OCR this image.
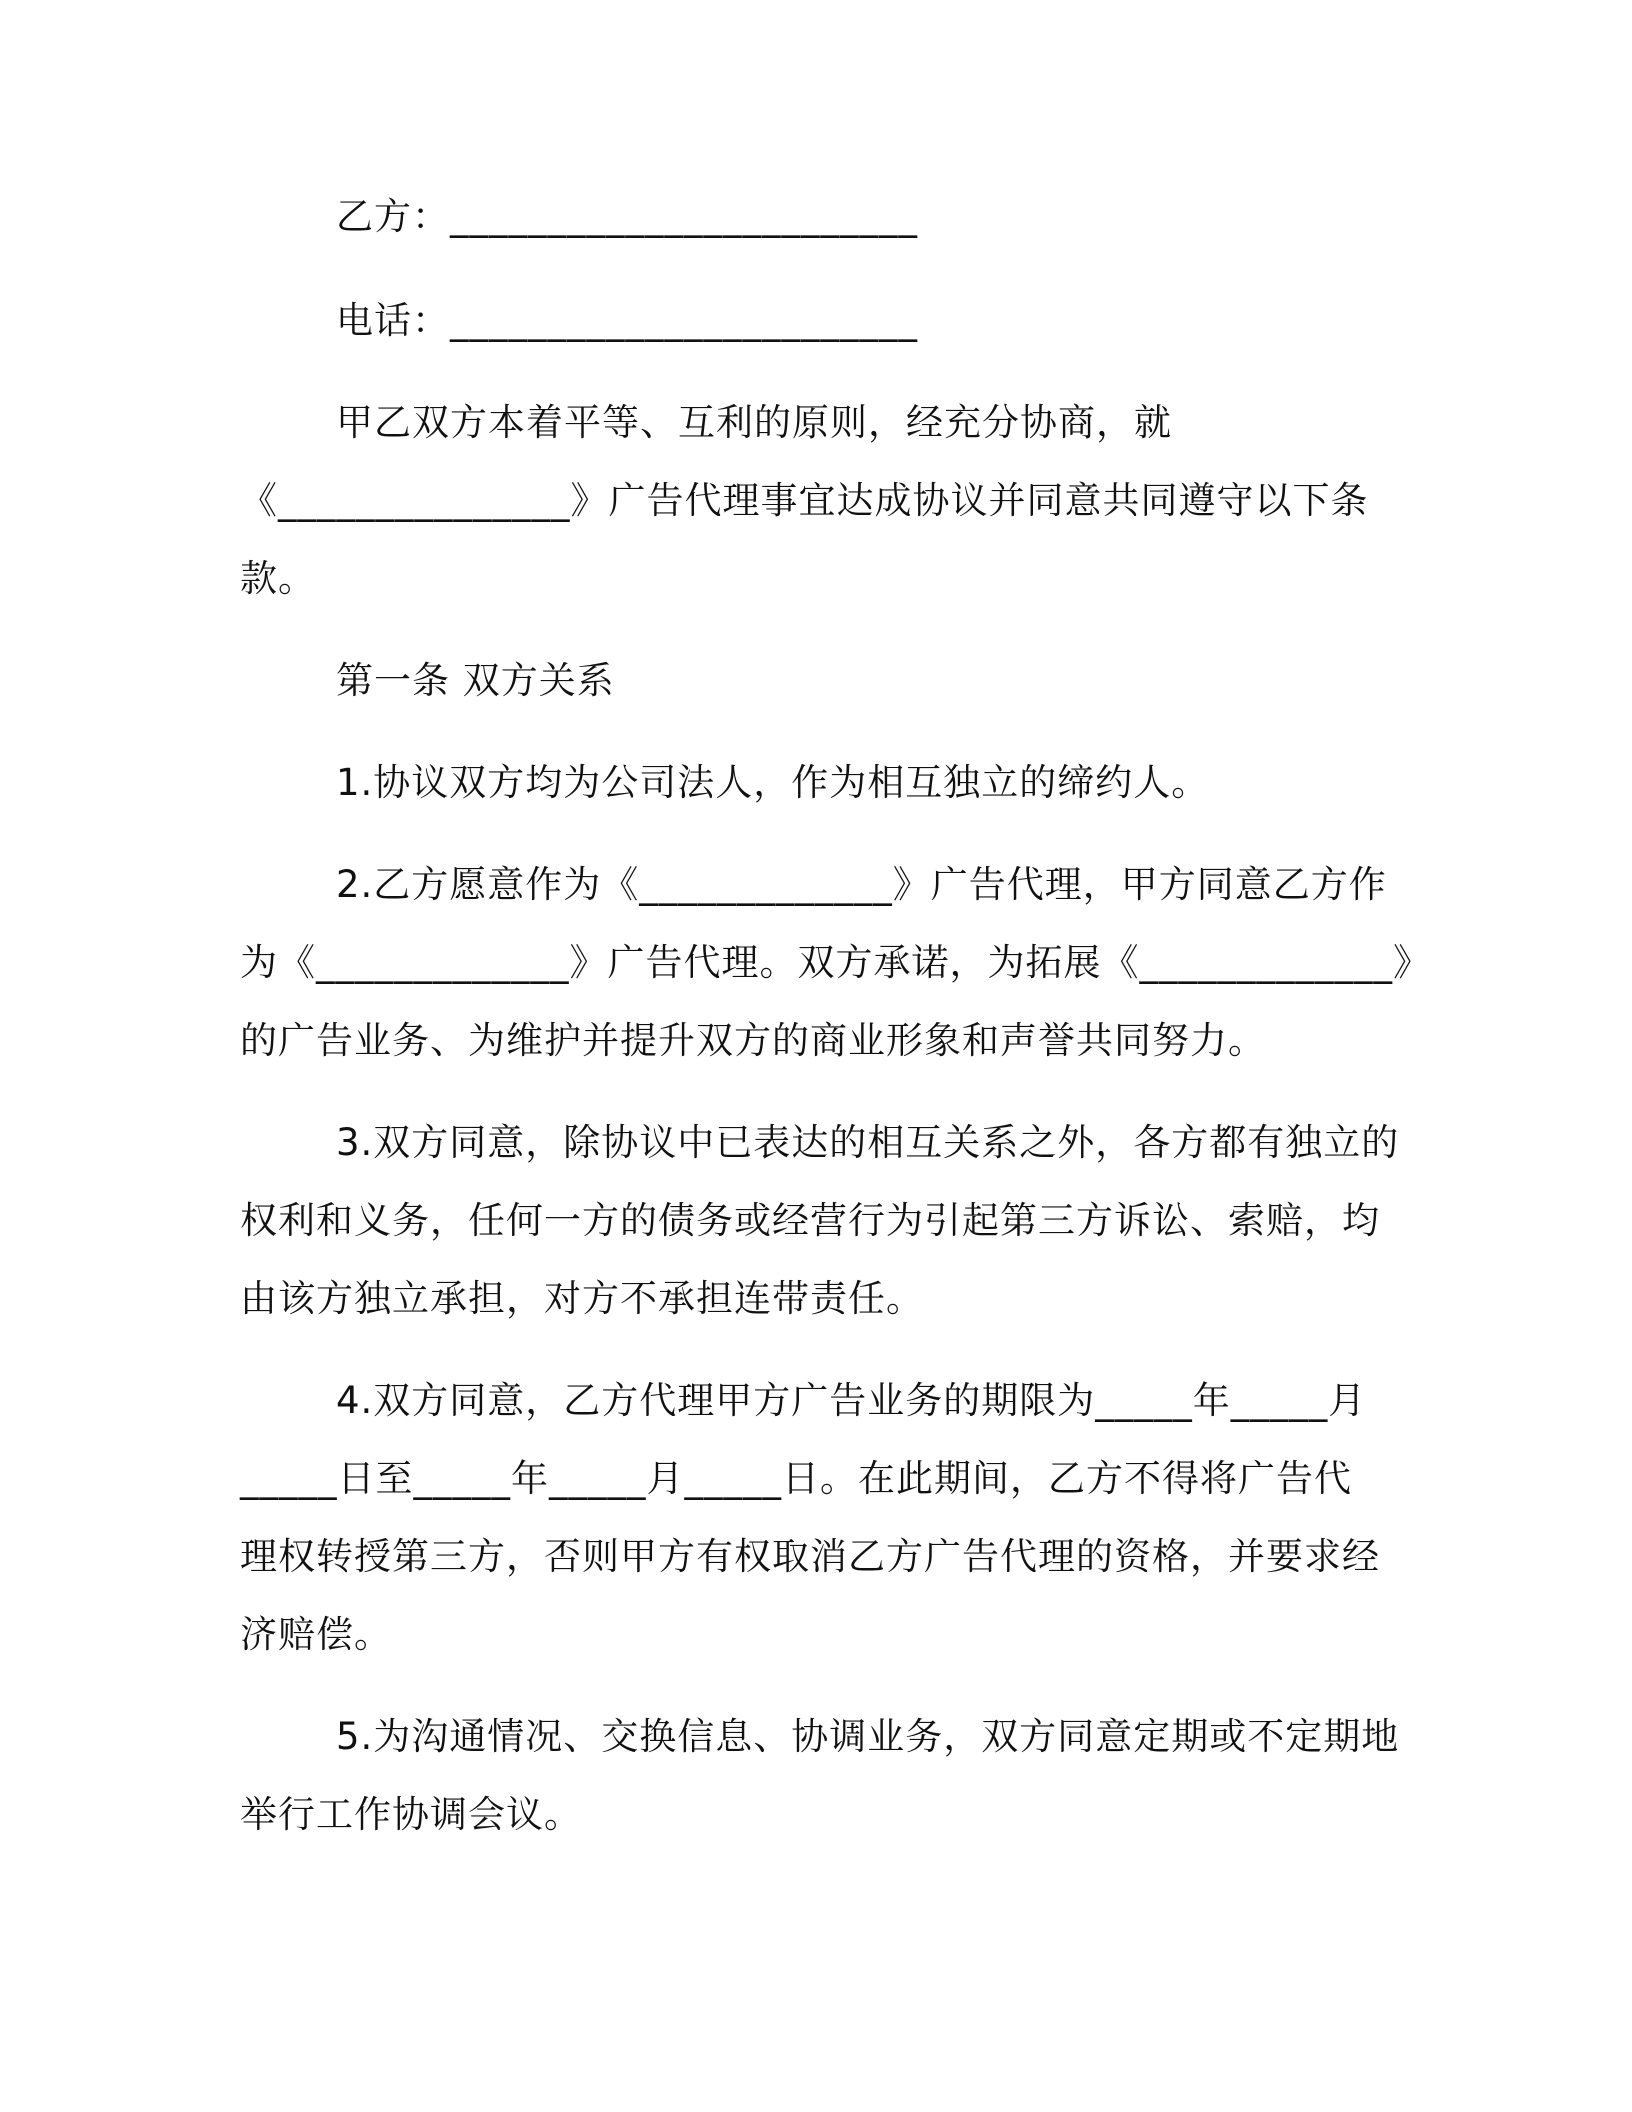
乙方：________________________
电话：________________________
甲乙双方本着平等、互利的原则，经充分协商，就
《_______________》广告代理事宜达成协议并同意共同遵守以下条
款。
第一条 双方关系
1.协议双方均为公司法人，作为相互独立的缔约人。
2.乙方愿意作为《_____________》广告代理，甲方同意乙方作
为《_____________》广告代理。双方承诺，为拓展《_____________》
的广告业务、为维护并提升双方的商业形象和声誉共同努力。
3.双方同意，除协议中已表达的相互关系之外，各方都有独立的
权利和义务，任何一方的债务或经营行为引起第三方诉讼、索赔，均
由该方独立承担，对方不承担连带责任。
4.双方同意，乙方代理甲方广告业务的期限为_____年_____月
_____日至_____年_____月_____日。在此期间，乙方不得将广告代
理权转授第三方，否则甲方有权取消乙方广告代理的资格，并要求经
济赔偿。
5.为沟通情况、交换信息、协调业务，双方同意定期或不定期地
举行工作协调会议。
